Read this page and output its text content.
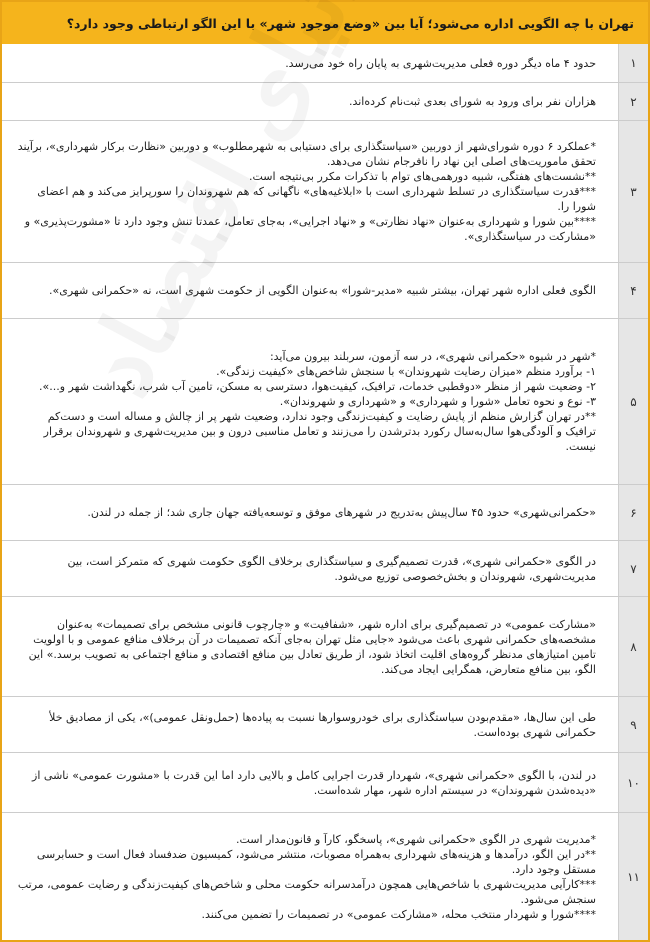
تهران با چه الگویی اداره می‌شود؛ آیا بین «وضع موجود شهر» با این الگو ارتباطی وجود دارد؟
۱
حدود ۴ ماه دیگر دوره فعلی مدیریت‌شهری به پایان راه خود می‌رسد.
۲
هزاران نفر برای ورود به شورای بعدی ثبت‌نام کرده‌اند.
۳
*عملکرد ۶ دوره شورای‌شهر از دوربین «سیاستگذاری برای دستیابی به شهرمطلوب» و دوربین «نظارت برکار شهرداری»، برآیند تحقق ماموریت‌های اصلی این نهاد را نافرجام نشان می‌دهد.
**نشست‌های هفتگی، شبیه دورهمی‌های توام با تذکرات مکرر بی‌نتیجه است.
***قدرت سیاستگذاری در تسلط شهرداری است با «ابلاغیه‌های» ناگهانی که هم شهروندان را سورپرایز می‌کند و هم اعضای شورا را.
****بین شورا و شهرداری به‌عنوان «نهاد نظارتی» و «نهاد اجرایی»، به‌جای تعامل، عمدتا تنش وجود دارد تا «مشورت‌پذیری» و «مشارکت در سیاستگذاری».
۴
الگوی فعلی اداره شهر تهران، بیشتر شبیه «مدیر-شورا» به‌عنوان الگویی از حکومت شهری است، نه «حکمرانی شهری».
۵
*شهر در شیوه «حکمرانی شهری»، در سه آزمون، سربلند بیرون می‌آید:
۱- برآورد منظم «میزان رضایت شهروندان» با سنجش شاخص‌های «کیفیت زندگی».
۲- وضعیت شهر از منظر «دوقطبی خدمات، ترافیک، کیفیت‌هوا، دسترسی به مسکن، تامین آب شرب، نگهداشت شهر و...».
۳- نوع و نحوه تعامل «شورا و شهرداری» و «شهرداری و شهروندان».
**در تهران گزارش منظم از پایش رضایت و کیفیت‌زندگی وجود ندارد، وضعیت شهر پر از چالش و مساله است و دست‌کم ترافیک و آلودگی‌هوا سال‌به‌سال رکورد بدترشدن را می‌زنند و تعامل مناسبی درون و بین مدیریت‌شهری و شهروندان برقرار نیست.
۶
«حکمرانی‌شهری» حدود ۴۵ سال‌پیش به‌تدریج در شهرهای موفق و توسعه‌یافته جهان جاری شد؛ از جمله در لندن.
۷
در الگوی «حکمرانی شهری»، قدرت تصمیم‌گیری و سیاستگذاری برخلاف الگوی حکومت شهری که متمرکز است، بین مدیریت‌شهری، شهروندان و بخش‌خصوصی توزیع می‌شود.
۸
«مشارکت عمومی» در تصمیم‌گیری برای اداره شهر، «شفافیت» و «چارچوب قانونی مشخص برای تصمیمات» به‌عنوان مشخصه‌های حکمرانی شهری باعث می‌شود «جایی مثل تهران به‌جای آنکه تصمیمات در آن برخلاف منافع عمومی و با اولویت تامین امتیازهای مدنظر گروه‌های اقلیت اتخاذ شود، از طریق تعادل بین منافع اقتصادی و منافع اجتماعی به تصویب برسد.» این الگو، بین منافع متعارض، همگرایی ایجاد می‌کند.
۹
طی این سال‌ها، «مقدم‌بودن سیاستگذاری برای خودروسوارها نسبت به پیاده‌ها (حمل‌ونقل عمومی)»، یکی از مصادیق خلأ حکمرانی شهری بوده‌است.
۱۰
در لندن، با الگوی «حکمرانی شهری»، شهردار قدرت اجرایی کامل و بالایی دارد اما این قدرت با «مشورت عمومی» ناشی از «دیده‌شدن شهروندان» در سیستم اداره شهر، مهار شده‌است.
۱۱
*مدیریت شهری در الگوی «حکمرانی شهری»، پاسخگو، کارآ و قانون‌مدار است.
**در این الگو، درآمدها و هزینه‌های شهرداری به‌همراه مصوبات، منتشر می‌شود، کمیسیون ضدفساد فعال است و حسابرسی مستقل وجود دارد.
***کارآیی مدیریت‌شهری با شاخص‌هایی همچون درآمدسرانه حکومت محلی و شاخص‌های کیفیت‌زندگی و رضایت عمومی، مرتب سنجش می‌شود.
****شورا و شهردار منتخب محله، «مشارکت عمومی» در تصمیمات را تضمین می‌کنند.
